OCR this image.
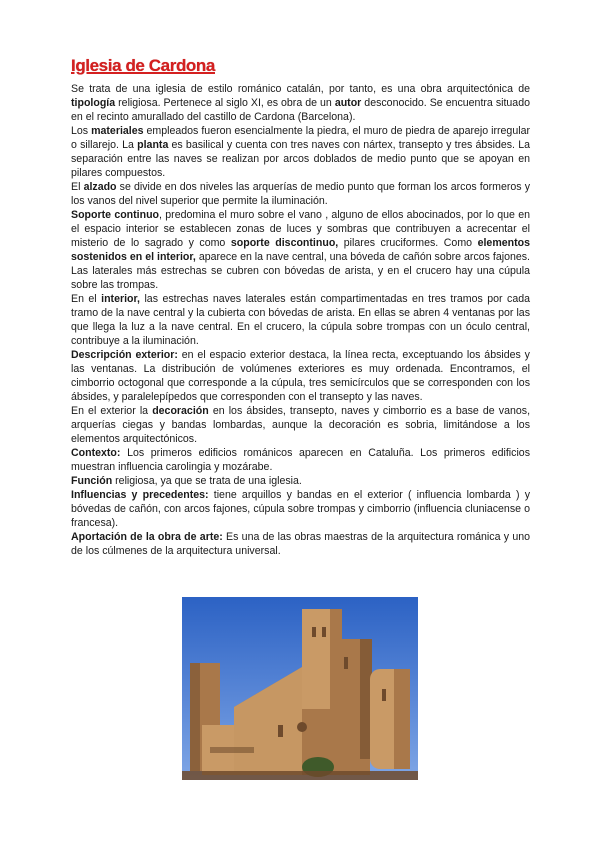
Iglesia de Cardona

Se trata de una iglesia de estilo románico catalán, por tanto, es una obra arquitectónica de tipología religiosa. Pertenece al siglo XI, es obra de un autor desconocido. Se encuentra situado en el recinto amurallado del castillo de Cardona (Barcelona).

Los materiales empleados fueron esencialmente la piedra, el muro de piedra de aparejo irregular o sillarejo. La planta es basilical y cuenta con tres naves con nártex, transepto y tres ábsides. La separación entre las naves se realizan por arcos doblados de medio punto que se apoyan en pilares compuestos.

El alzado se divide en dos niveles las arquerías de medio punto que forman los arcos formeros y los vanos del nivel superior que permite la iluminación.

Soporte continuo, predomina el muro sobre el vano , alguno de ellos abocinados, por lo que en el espacio interior se establecen zonas de luces y sombras que contribuyen a acrecentar el misterio de lo sagrado y como soporte discontinuo, pilares cruciformes. Como elementos sostenidos en el interior, aparece en la nave central, una bóveda de cañón sobre arcos fajones. Las laterales más estrechas se cubren con bóvedas de arista, y en el crucero hay una cúpula sobre las trompas.

En el interior, las estrechas naves laterales están compartimentadas en tres tramos por cada tramo de la nave central y la cubierta con bóvedas de arista. En ellas se abren 4 ventanas por las que llega la luz a la nave central. En el crucero, la cúpula sobre trompas con un óculo central, contribuye a la iluminación.

Descripción exterior: en el espacio exterior destaca, la línea recta, exceptuando los ábsides y las ventanas. La distribución de volúmenes exteriores es muy ordenada. Encontramos, el cimborrio octogonal que corresponde a la cúpula, tres semicírculos que se corresponden con los ábsides, y paralelepípedos que corresponden con el transepto y las naves.

En el exterior la decoración en los ábsides, transepto, naves y cimborrio es a base de vanos, arquerías ciegas y bandas lombardas, aunque la decoración es sobria, limitándose a los elementos arquitectónicos.

Contexto: Los primeros edificios románicos aparecen en Cataluña. Los primeros edificios muestran influencia carolingia y mozárabe.

Función religiosa, ya que se trata de una iglesia.

Influencias y precedentes: tiene arquillos y bandas en el exterior ( influencia lombarda ) y bóvedas de cañón, con arcos fajones, cúpula sobre trompas y cimborrio (influencia cluniacense o francesa).

Aportación de la obra de arte: Es una de las obras maestras de la arquitectura románica y uno de los cúlmenes de la arquitectura universal.
